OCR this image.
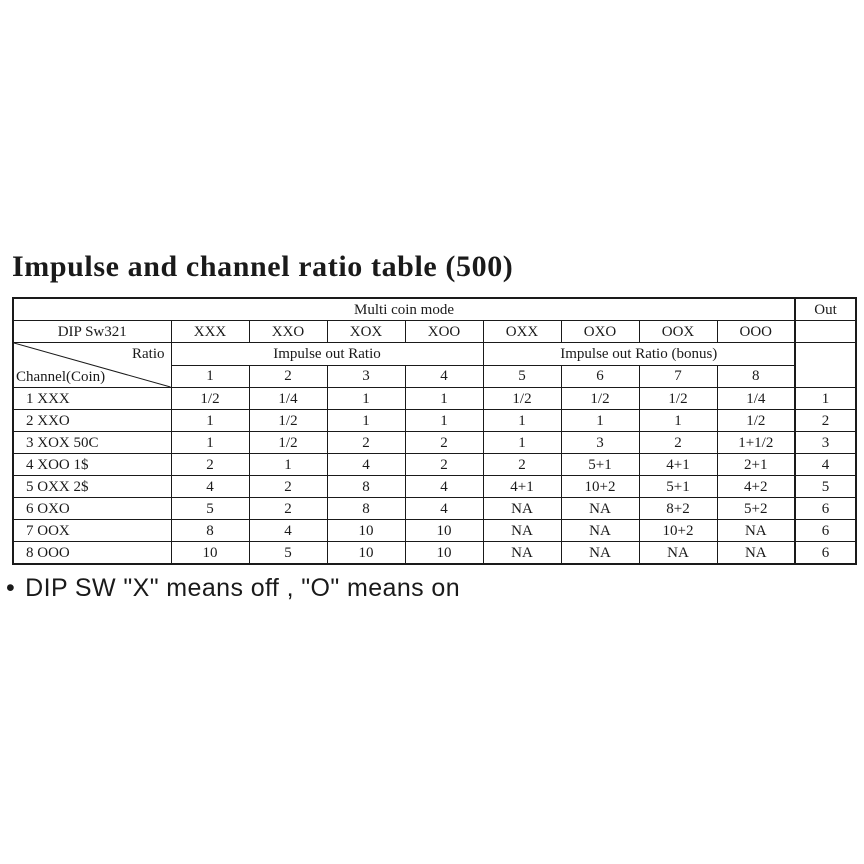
Impulse and channel ratio table (500)
Multi coin mode									Out
DIP Sw321	XXX	XXO	XOX	XOO	OXX	OXO	OOX	OOO	

Ratio
Channel(Coin)	Impulse out Ratio				Impulse out Ratio (bonus)				
	1	2	3	4	5	6	7	8	
1 XXX	1/2	1/4	1	1	1/2	1/2	1/2	1/4	1
2 XXO	1	1/2	1	1	1	1	1	1/2	2
3 XOX 50C	1	1/2	2	2	1	3	2	1+1/2	3
4 XOO 1$	2	1	4	2	2	5+1	4+1	2+1	4
5 OXX 2$	4	2	8	4	4+1	10+2	5+1	4+2	5
6 OXO	5	2	8	4	NA	NA	8+2	5+2	6
7 OOX	8	4	10	10	NA	NA	10+2	NA	6
8 OOO	10	5	10	10	NA	NA	NA	NA	6
• DIP SW "X" means off , "O" means on
